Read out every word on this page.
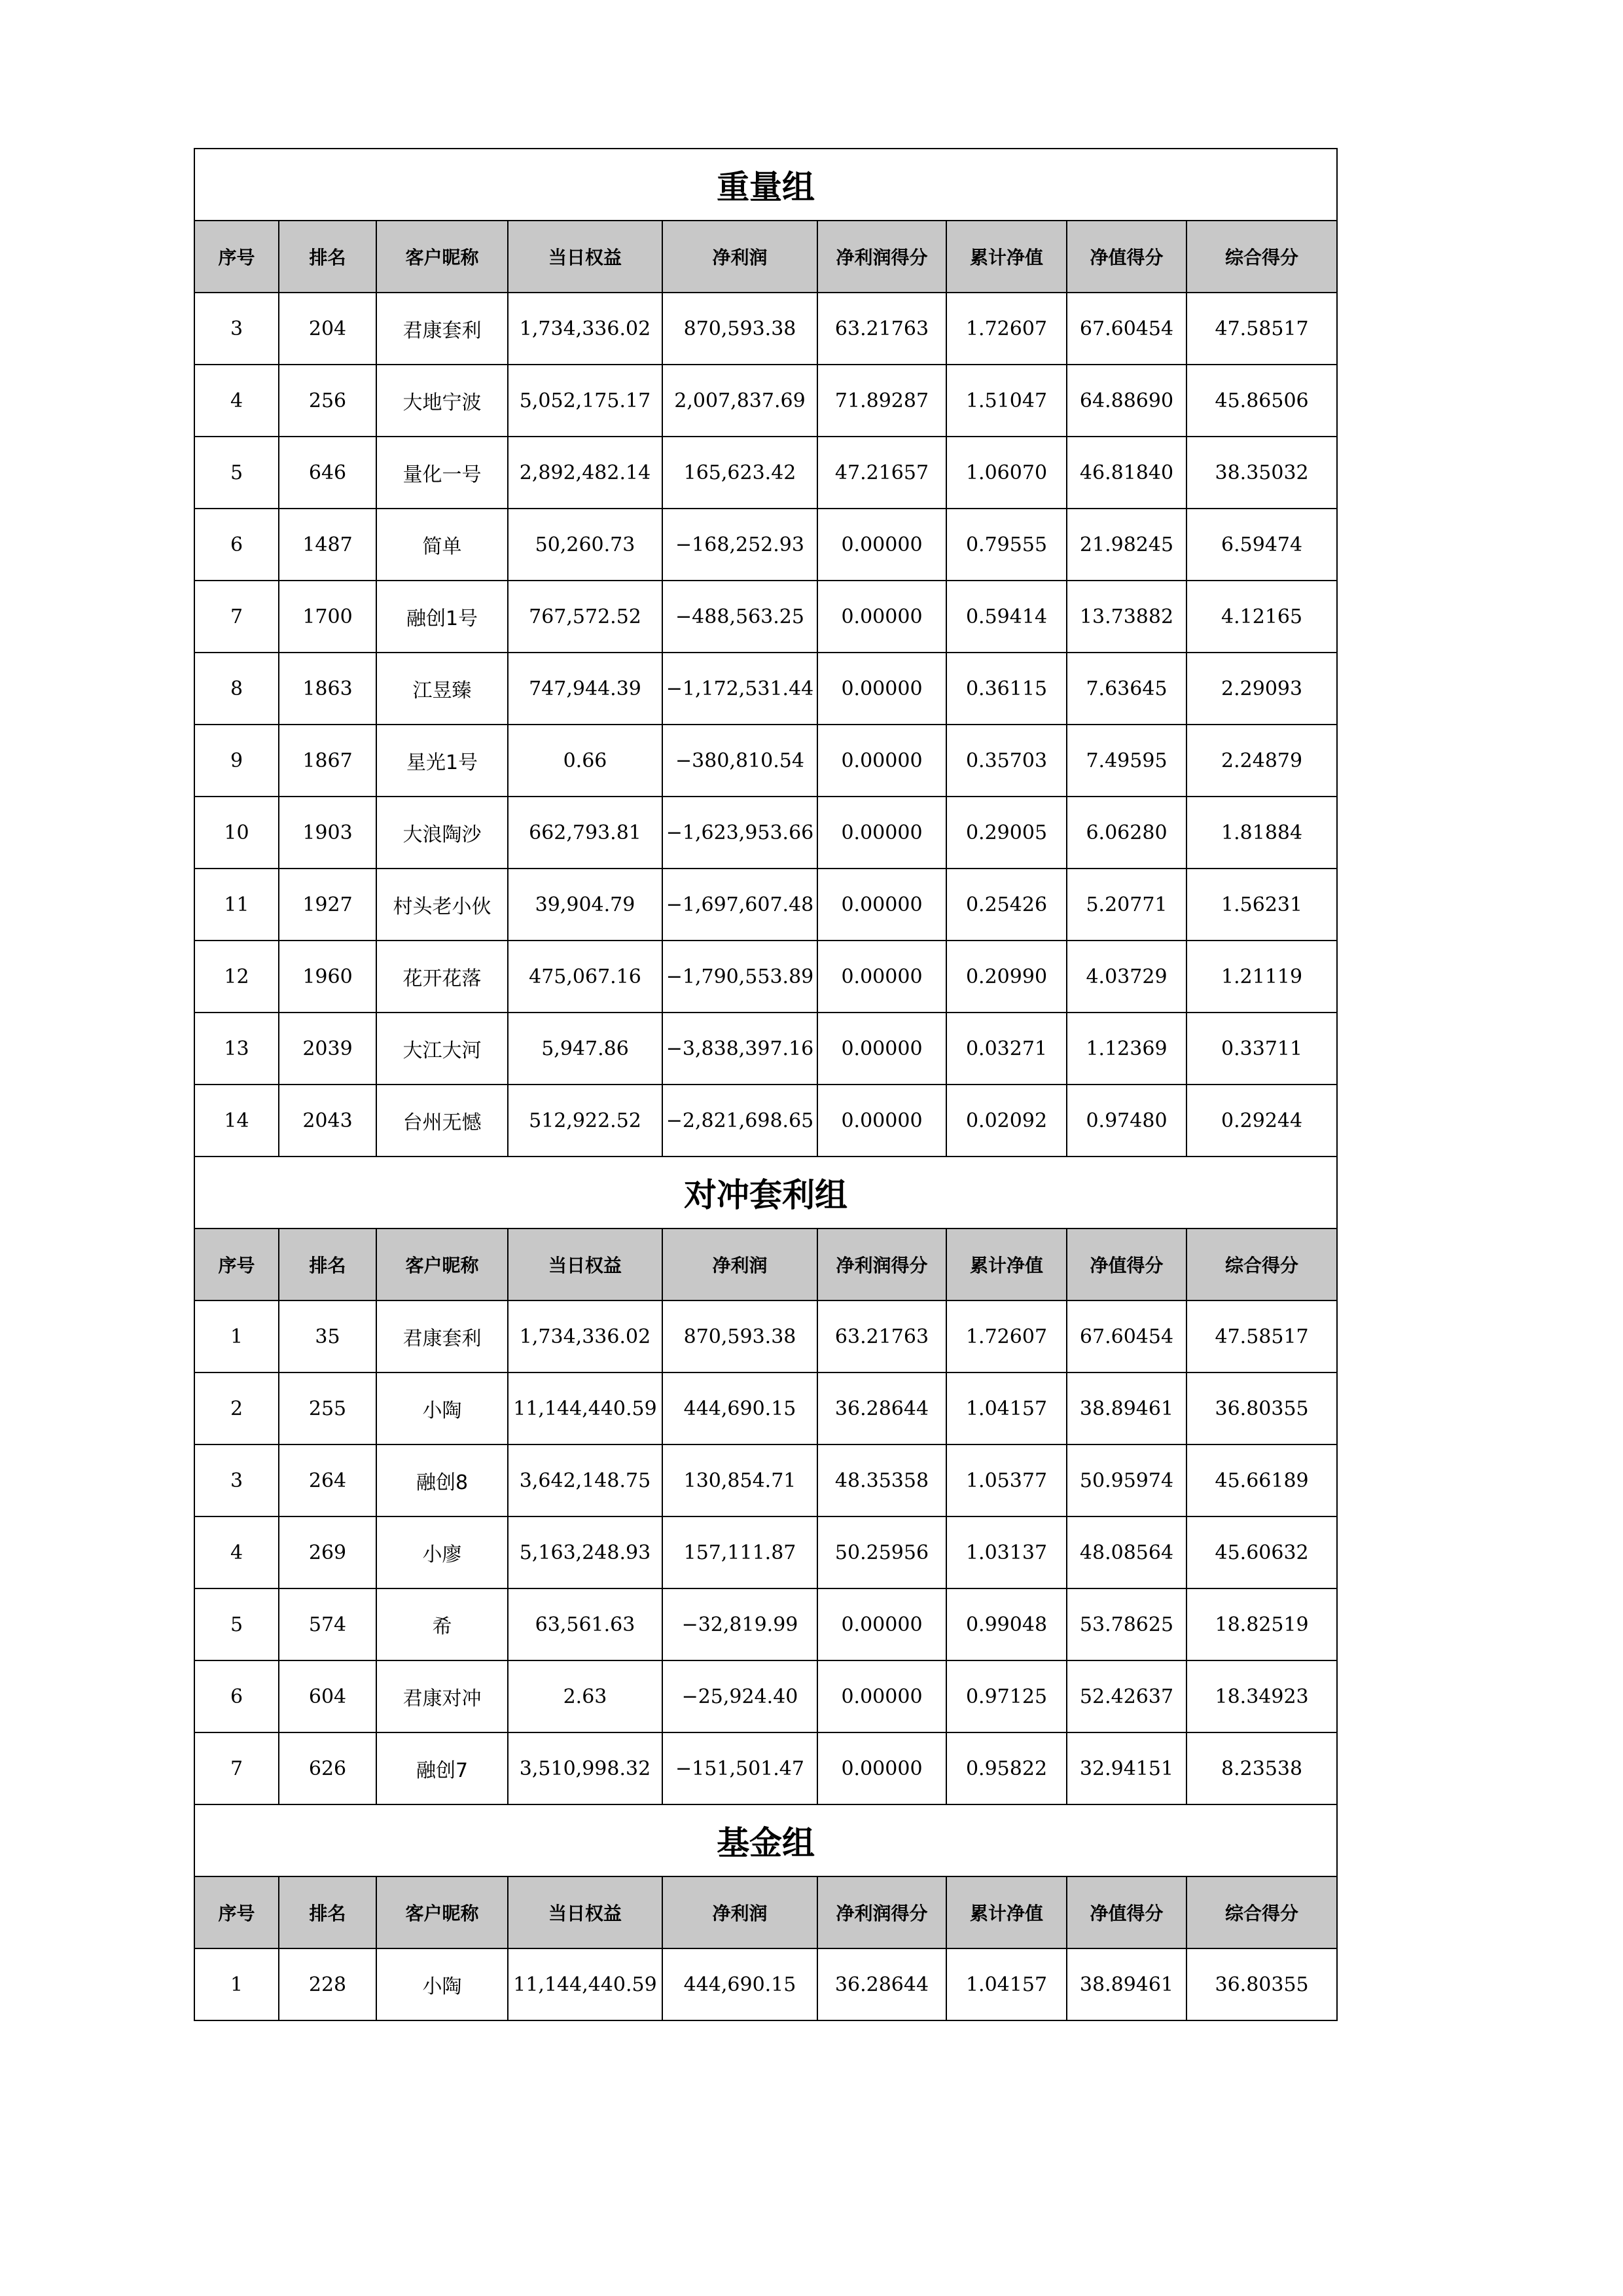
重量组								
序号	排名	客户昵称	当日权益	净利润	净利润得分	累计净值	净值得分	综合得分
3	204	君康套利	1,734,336.02	870,593.38	63.21763	1.72607	67.60454	47.58517
4	256	大地宁波	5,052,175.17	2,007,837.69	71.89287	1.51047	64.88690	45.86506
5	646	量化一号	2,892,482.14	165,623.42	47.21657	1.06070	46.81840	38.35032
6	1487	简单	50,260.73	−168,252.93	0.00000	0.79555	21.98245	6.59474
7	1700	融创1号	767,572.52	−488,563.25	0.00000	0.59414	13.73882	4.12165
8	1863	江昱臻	747,944.39	−1,172,531.44	0.00000	0.36115	7.63645	2.29093
9	1867	星光1号	0.66	−380,810.54	0.00000	0.35703	7.49595	2.24879
10	1903	大浪陶沙	662,793.81	−1,623,953.66	0.00000	0.29005	6.06280	1.81884
11	1927	村头老小伙	39,904.79	−1,697,607.48	0.00000	0.25426	5.20771	1.56231
12	1960	花开花落	475,067.16	−1,790,553.89	0.00000	0.20990	4.03729	1.21119
13	2039	大江大河	5,947.86	−3,838,397.16	0.00000	0.03271	1.12369	0.33711
14	2043	台州无憾	512,922.52	−2,821,698.65	0.00000	0.02092	0.97480	0.29244
对冲套利组								
序号	排名	客户昵称	当日权益	净利润	净利润得分	累计净值	净值得分	综合得分
1	35	君康套利	1,734,336.02	870,593.38	63.21763	1.72607	67.60454	47.58517
2	255	小陶	11,144,440.59	444,690.15	36.28644	1.04157	38.89461	36.80355
3	264	融创8	3,642,148.75	130,854.71	48.35358	1.05377	50.95974	45.66189
4	269	小廖	5,163,248.93	157,111.87	50.25956	1.03137	48.08564	45.60632
5	574	希	63,561.63	−32,819.99	0.00000	0.99048	53.78625	18.82519
6	604	君康对冲	2.63	−25,924.40	0.00000	0.97125	52.42637	18.34923
7	626	融创7	3,510,998.32	−151,501.47	0.00000	0.95822	32.94151	8.23538
基金组								
序号	排名	客户昵称	当日权益	净利润	净利润得分	累计净值	净值得分	综合得分
1	228	小陶	11,144,440.59	444,690.15	36.28644	1.04157	38.89461	36.80355
